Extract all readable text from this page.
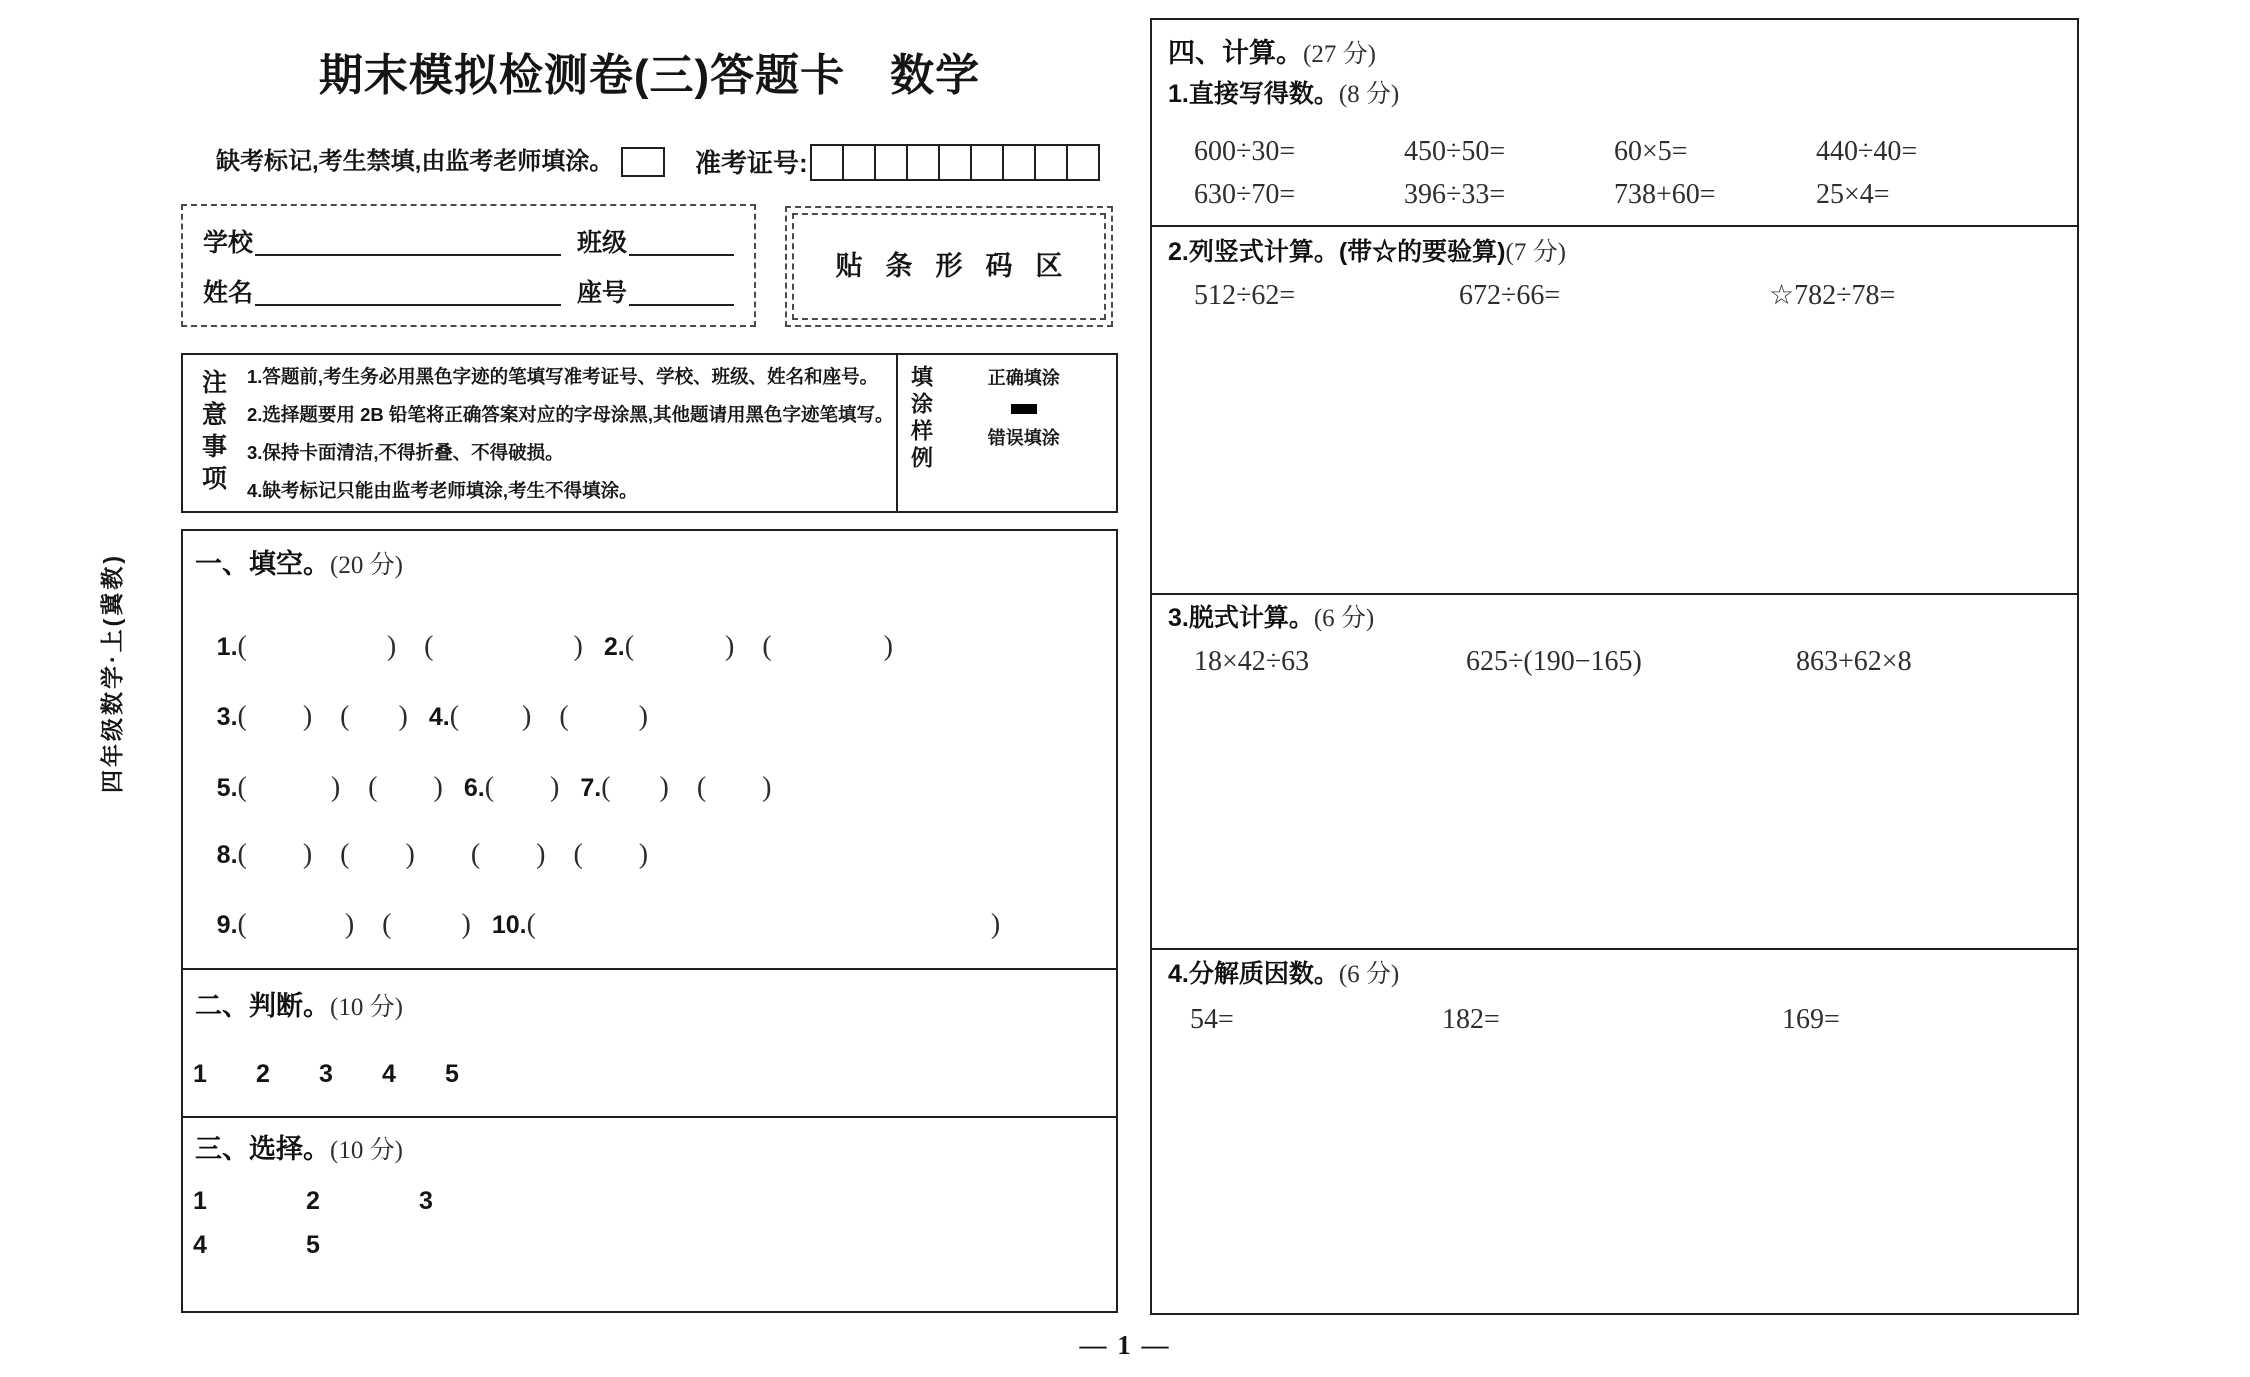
四年级数学·上(冀教)
期末模拟检测卷(三)答题卡　数学
缺考标记,考生禁填,由监考老师填涂。	准考证号:
学校	班级
姓名	座号
贴条形码区
注意事项	1.答题前,考生务必用黑色字迹的笔填写准考证号、学校、班级、姓名和座号。
2.选择题要用 2B 铅笔将正确答案对应的字母涂黑,其他题请用黑色字迹笔填写。
3.保持卡面清洁,不得折叠、不得破损。
4.缺考标记只能由监考老师填涂,考生不得填涂。
填涂样例	正确填涂
错误填涂
一、填空。(20 分)

1.(                    )    (                    )   2.(             )    (                )

3.(        )    (       )   4.(         )    (          )

5.(            )    (        )   6.(        )   7.(       )    (        )

8.(        )    (        )        (        )    (        )

9.(              )    (          )   10.(                                                                 )

二、判断。(10 分)
1 2 3 4 5
三、选择。(10 分)
1	2	3
4	5
四、计算。(27 分)
1.直接写得数。(8 分)
600÷30=	450÷50=	60×5=	440÷40=
630÷70=	396÷33=	738+60=	25×4=
2.列竖式计算。(带☆的要验算)(7 分)
512÷62=	672÷66=	☆782÷78=
3.脱式计算。(6 分)
18×42÷63	625÷(190−165)	863+62×8
4.分解质因数。(6 分)
54=	182=	169=
— 1 —
